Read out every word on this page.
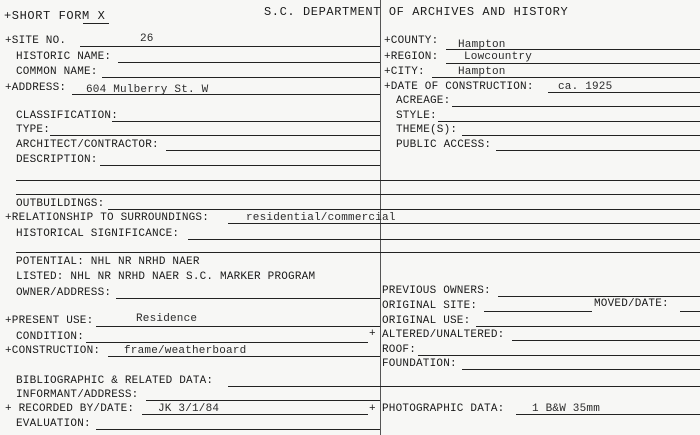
+SHORT FORM X	S.C. DEPARTMENT OF ARCHIVES AND HISTORY
+SITE NO.	26
HISTORIC NAME:
COMMON NAME:
+ADDRESS: 604 Mulberry St. W
CLASSIFICATION:
TYPE:
ARCHITECT/CONTRACTOR:
DESCRIPTION:
OUTBUILDINGS:
+RELATIONSHIP TO SURROUNDINGS:	residential/commercial
HISTORICAL SIGNIFICANCE:
POTENTIAL: NHL NR NRHD NAER
LISTED: NHL NR NRHD NAER S.C. MARKER PROGRAM
OWNER/ADDRESS:
+PRESENT USE:	Residence
CONDITION:	+
+CONSTRUCTION: frame/weatherboard
BIBLIOGRAPHIC & RELATED DATA:
INFORMANT/ADDRESS:
+ RECORDED BY/DATE: JK 3/1/84	+
EVALUATION:
+COUNTY: Hampton
+REGION: Lowcountry
+CITY:	Hampton
+DATE OF CONSTRUCTION: ca. 1925
ACREAGE:
STYLE:
THEME(S):
PUBLIC ACCESS:
PREVIOUS OWNERS:
ORIGINAL SITE:	MOVED/DATE:
ORIGINAL USE:
ALTERED/UNALTERED:
ROOF:
FOUNDATION:
PHOTOGRAPHIC DATA:	1 B&W 35mm
